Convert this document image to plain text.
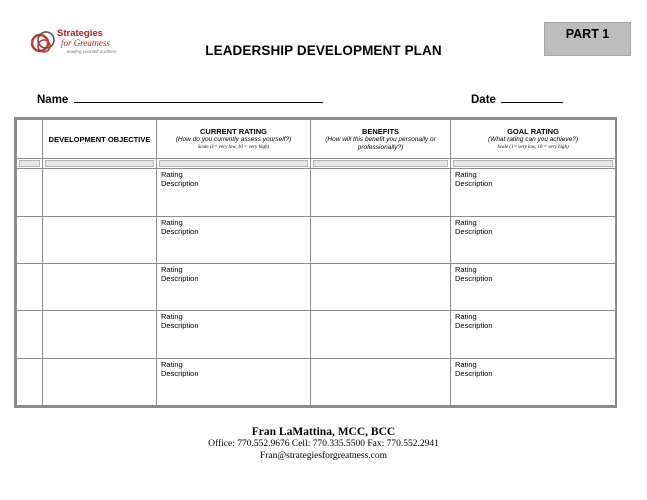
Strategies
for Greatness
leading yourself & others
PART 1
LEADERSHIP DEVELOPMENT PLAN
Name	Date

	DEVELOPMENT OBJECTIVE	CURRENT RATING
(How do you currently assess yourself?)
Scale (1= very low, 10 = very high)	BENEFITS
(How will this benefit you personally or professionally?)	GOAL RATING
(What rating can you achieve?)
Scale (1= very low, 10 = very high)

		Rating
Description		Rating
Description

		Rating
Description		Rating
Description

		Rating
Description		Rating
Description

		Rating
Description		Rating
Description

		Rating
Description		Rating
Description
Fran LaMattina, MCC, BCC
Office: 770.552.9676 Cell: 770.335.5500 Fax: 770.552.2941
Fran@strategiesforgreatness.com
